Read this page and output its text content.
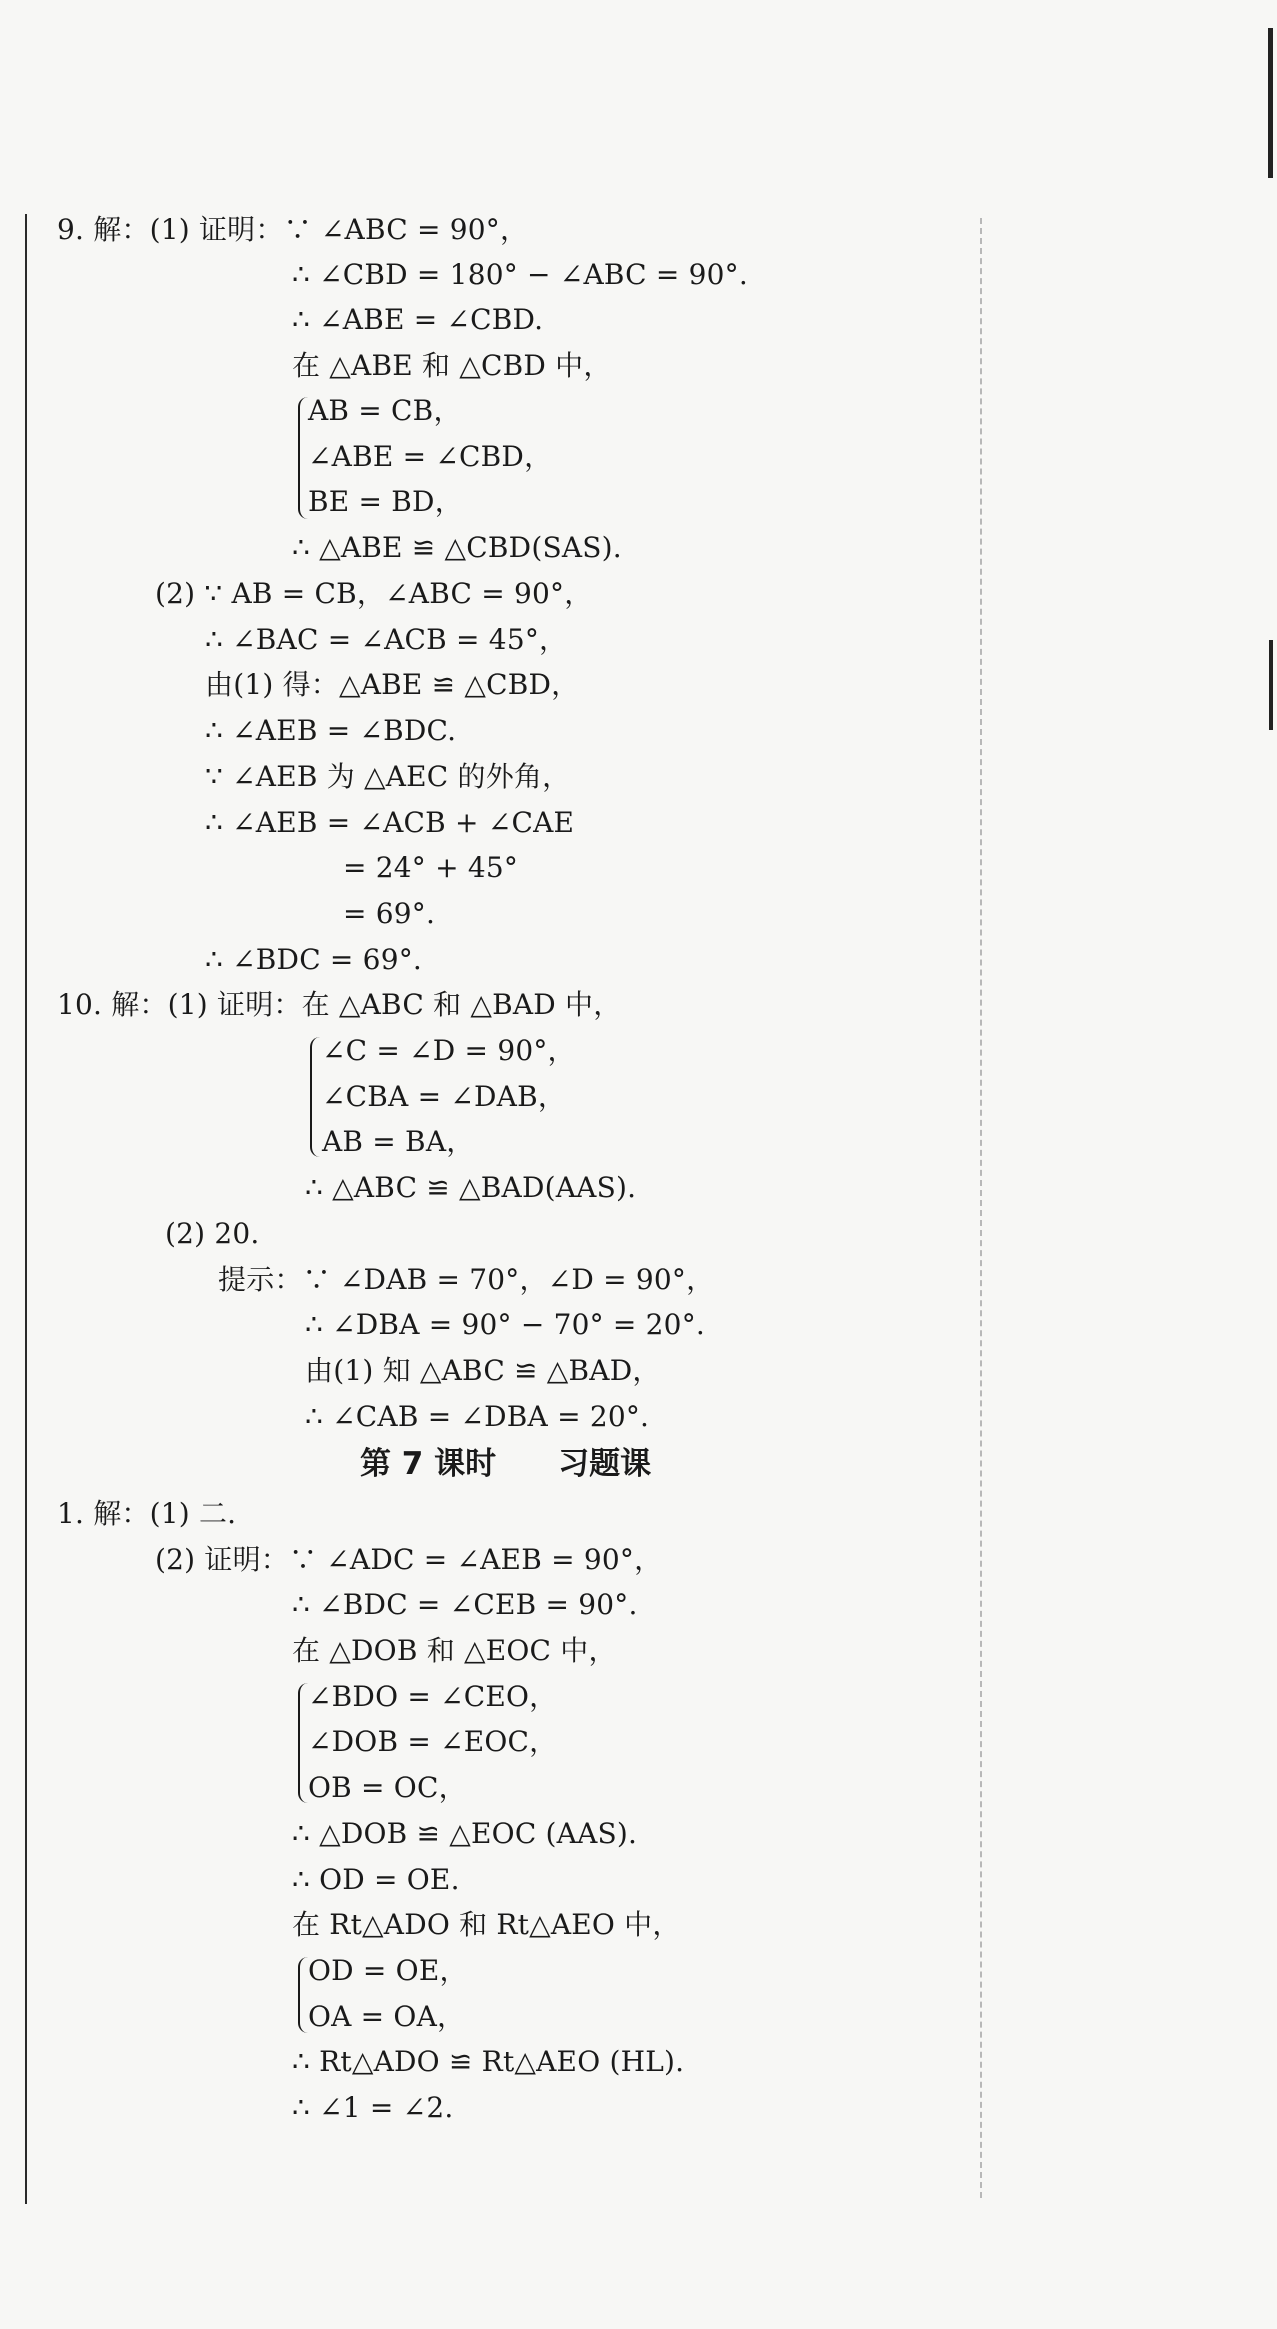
9. 解：(1) 证明：∵ ∠ABC = 90°，
∴ ∠CBD = 180° − ∠ABC = 90°.
∴ ∠ABE = ∠CBD.
在 △ABE 和 △CBD 中，
AB = CB，
∠ABE = ∠CBD，
BE = BD，
∴ △ABE ≌ △CBD(SAS).
(2) ∵ AB = CB，∠ABC = 90°，
∴ ∠BAC = ∠ACB = 45°，
由(1) 得：△ABE ≌ △CBD，
∴ ∠AEB = ∠BDC.
∵ ∠AEB 为 △AEC 的外角，
∴ ∠AEB = ∠ACB + ∠CAE
= 24° + 45°
= 69°.
∴ ∠BDC = 69°.
10. 解：(1) 证明：在 △ABC 和 △BAD 中，
∠C = ∠D = 90°，
∠CBA = ∠DAB，
AB = BA，
∴ △ABC ≌ △BAD(AAS).
(2) 20.
提示：∵ ∠DAB = 70°，∠D = 90°，
∴ ∠DBA = 90° − 70° = 20°.
由(1) 知 △ABC ≌ △BAD，
∴ ∠CAB = ∠DBA = 20°.
第 7 课时　　习题课
1. 解：(1) 二.
(2) 证明：∵ ∠ADC = ∠AEB = 90°，
∴ ∠BDC = ∠CEB = 90°.
在 △DOB 和 △EOC 中，
∠BDO = ∠CEO，
∠DOB = ∠EOC，
OB = OC，
∴ △DOB ≌ △EOC (AAS).
∴ OD = OE.
在 Rt△ADO 和 Rt△AEO 中，
OD = OE，
OA = OA，
∴ Rt△ADO ≌ Rt△AEO (HL).
∴ ∠1 = ∠2.
